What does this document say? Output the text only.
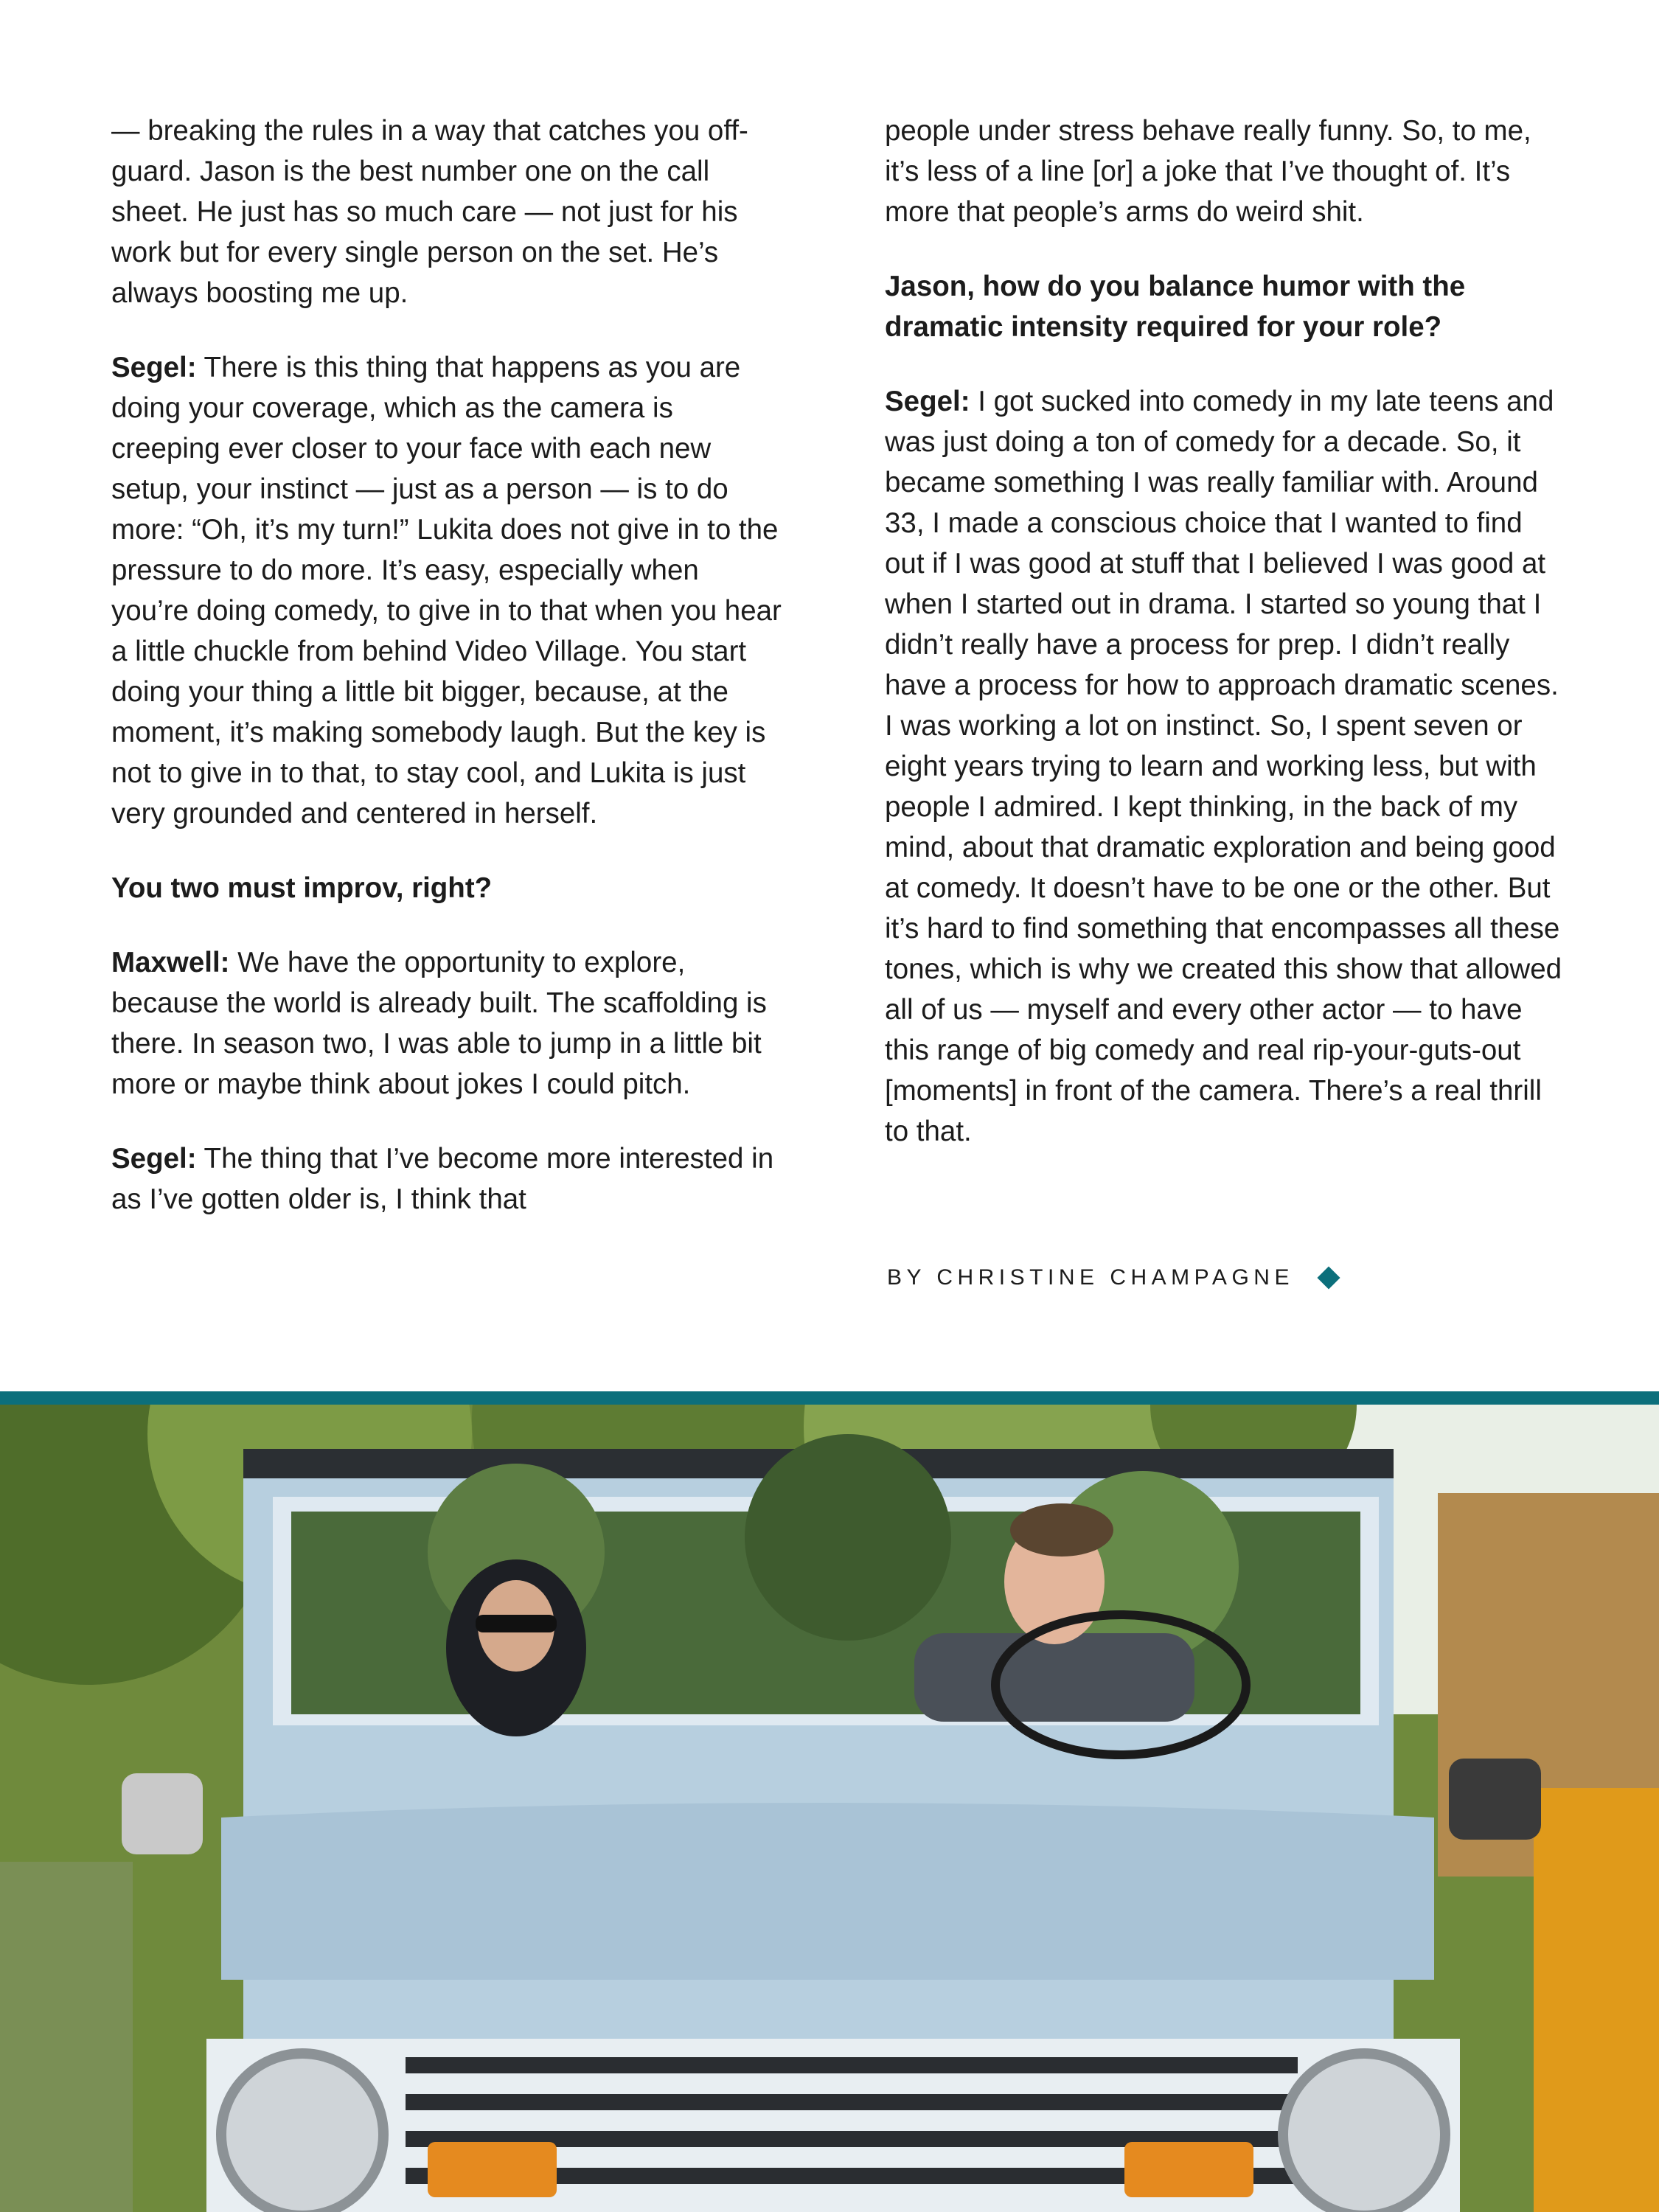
— breaking the rules in a way that catches you off-guard. Jason is the best number one on the call sheet. He just has so much care — not just for his work but for every single person on the set. He’s always boosting me up.

Segel: There is this thing that happens as you are doing your coverage, which as the camera is creeping ever closer to your face with each new setup, your instinct — just as a person — is to do more: “Oh, it’s my turn!” Lukita does not give in to the pressure to do more. It’s easy, especially when you’re doing comedy, to give in to that when you hear a little chuckle from behind Video Village. You start doing your thing a little bit bigger, because, at the moment, it’s making somebody laugh. But the key is not to give in to that, to stay cool, and Lukita is just very grounded and centered in herself.

You two must improv, right?

Maxwell: We have the opportunity to explore, because the world is already built. The scaffolding is there. In season two, I was able to jump in a little bit more or maybe think about jokes I could pitch.

Segel: The thing that I’ve become more interested in as I’ve gotten older is, I think that

people under stress behave really funny. So, to me, it’s less of a line [or] a joke that I’ve thought of. It’s more that people’s arms do weird shit.

Jason, how do you balance humor with the dramatic intensity required for your role?

Segel: I got sucked into comedy in my late teens and was just doing a ton of comedy for a decade. So, it became something I was really familiar with. Around 33, I made a conscious choice that I wanted to find out if I was good at stuff that I believed I was good at when I started out in drama. I started so young that I didn’t really have a process for prep. I didn’t really have a process for how to approach dramatic scenes. I was working a lot on instinct. So, I spent seven or eight years trying to learn and working less, but with people I admired. I kept thinking, in the back of my mind, about that dramatic exploration and being good at comedy. It doesn’t have to be one or the other. But it’s hard to find something that encompasses all these tones, which is why we created this show that allowed all of us — myself and every other actor — to have this range of big comedy and real rip-your-guts-out [moments] in front of the camera. There’s a real thrill to that.

BY CHRISTINE CHAMPAGNE
